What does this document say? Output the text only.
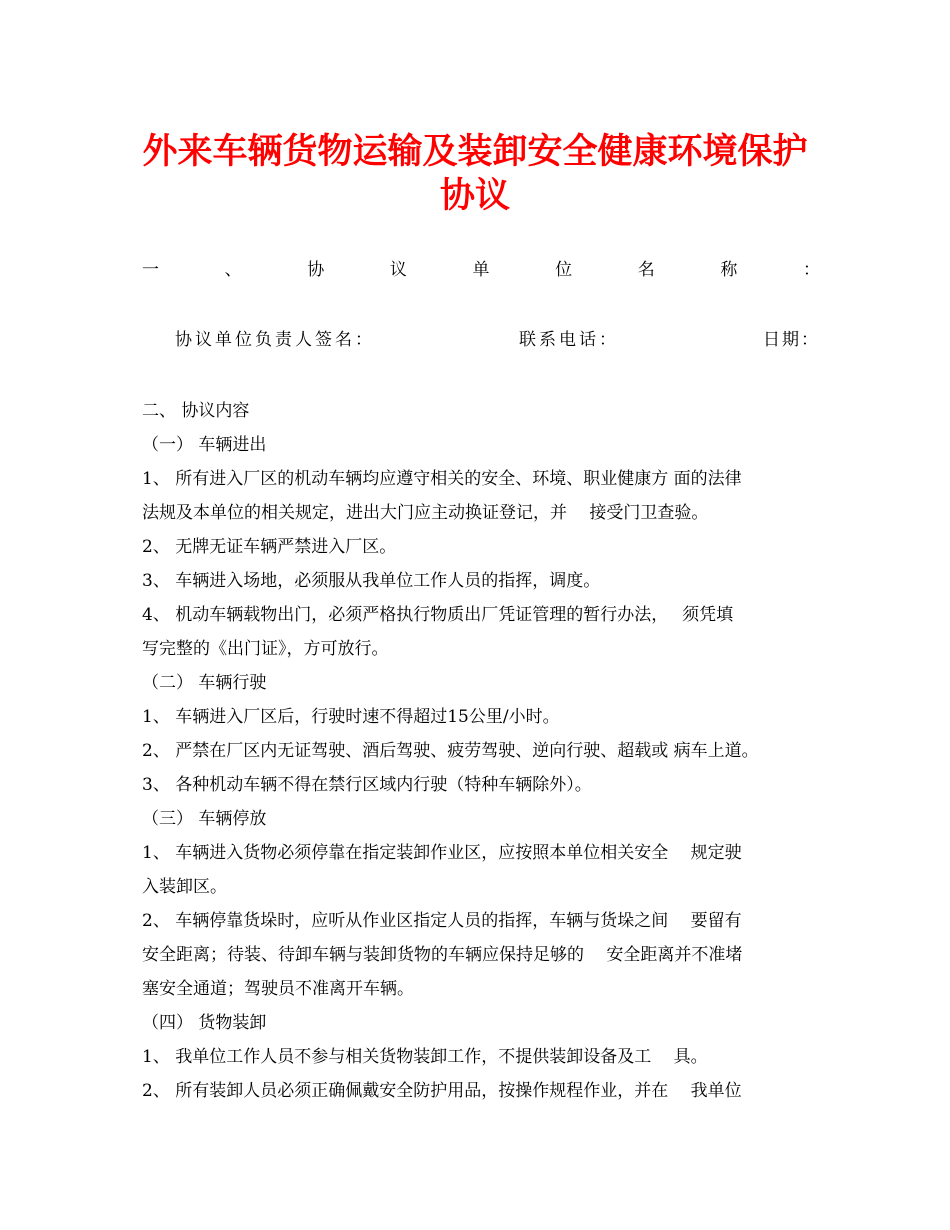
外来车辆货物运输及装卸安全健康环境保护
协议
一	、	协	议	单	位	名	称	：
协议单位负责人签名：	联系电话：	日期：

二、 协议内容

（一） 车辆进出

1、 所有进入厂区的机动车辆均应遵守相关的安全、环境、职业健康方 面的法律

法规及本单位的相关规定，进出大门应主动换证登记，并　 接受门卫查验。

2、 无牌无证车辆严禁进入厂区。

3、 车辆进入场地，必须服从我单位工作人员的指挥，调度。

4、 机动车辆载物出门，必须严格执行物质出厂凭证管理的暂行办法，　 须凭填

写完整的《出门证》，方可放行。

（二） 车辆行驶

1、 车辆进入厂区后，行驶时速不得超过15公里/小时。

2、 严禁在厂区内无证驾驶、酒后驾驶、疲劳驾驶、逆向行驶、超载或 病车上道。

3、 各种机动车辆不得在禁行区域内行驶（特种车辆除外）。

（三） 车辆停放

1、 车辆进入货物必须停靠在指定装卸作业区，应按照本单位相关安全　 规定驶

入装卸区。

2、 车辆停靠货垛时，应听从作业区指定人员的指挥，车辆与货垛之间　 要留有

安全距离；待装、待卸车辆与装卸货物的车辆应保持足够的　 安全距离并不准堵

塞安全通道；驾驶员不准离开车辆。

（四） 货物装卸

1、 我单位工作人员不参与相关货物装卸工作，不提供装卸设备及工　 具。

2、 所有装卸人员必须正确佩戴安全防护用品，按操作规程作业，并在　 我单位
